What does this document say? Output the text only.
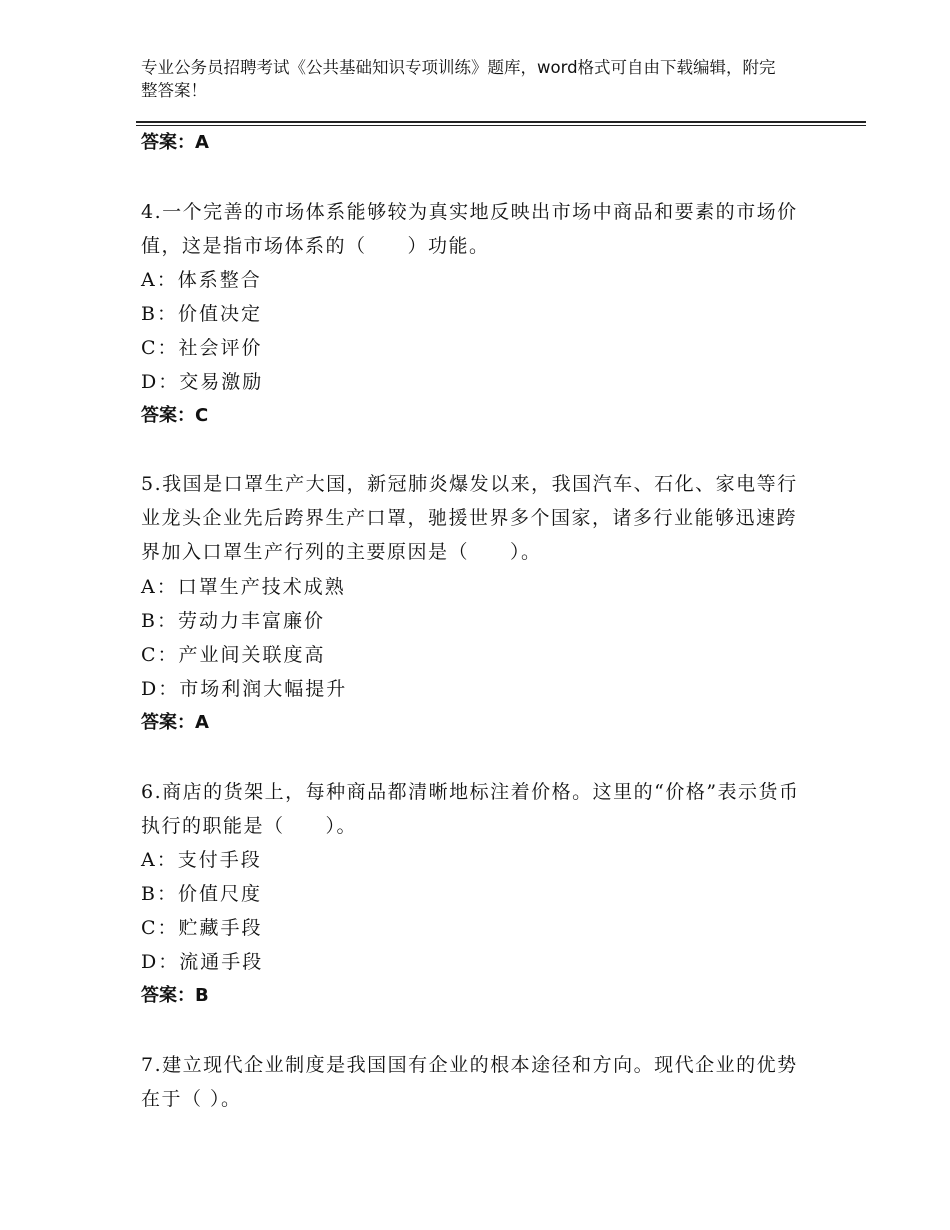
专业公务员招聘考试《公共基础知识专项训练》题库，word格式可自由下载编辑，附完整答案！
答案：A
4.一个完善的市场体系能够较为真实地反映出市场中商品和要素的市场价值，这是指市场体系的（　　）功能。
A：体系整合
B：价值决定
C：社会评价
D：交易激励
答案：C
5.我国是口罩生产大国，新冠肺炎爆发以来，我国汽车、石化、家电等行业龙头企业先后跨界生产口罩，驰援世界多个国家，诸多行业能够迅速跨界加入口罩生产行列的主要原因是（　　）。
A：口罩生产技术成熟
B：劳动力丰富廉价
C：产业间关联度高
D：市场利润大幅提升
答案：A
6.商店的货架上，每种商品都清晰地标注着价格。这里的“价格”表示货币执行的职能是（　　）。
A：支付手段
B：价值尺度
C：贮藏手段
D：流通手段
答案：B
7.建立现代企业制度是我国国有企业的根本途径和方向。现代企业的优势在于（ ）。
